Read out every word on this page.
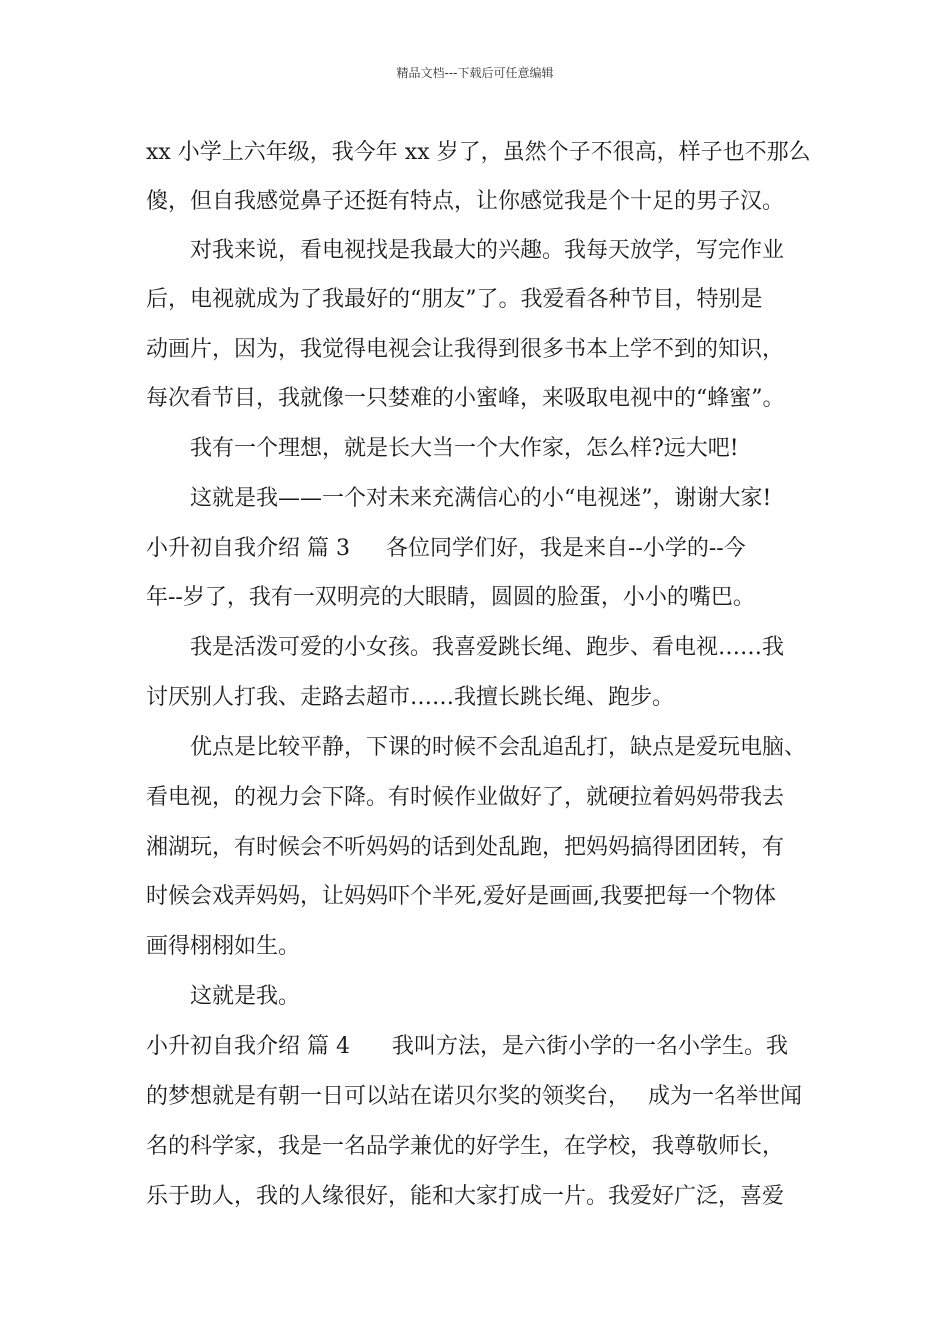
精品文档---下载后可任意编辑
xx 小学上六年级，我今年 xx 岁了，虽然个子不很高，样子也不那么
傻，但自我感觉鼻子还挺有特点，让你感觉我是个十足的男子汉。
对我来说，看电视找是我最大的兴趣。我每天放学，写完作业
后，电视就成为了我最好的“朋友”了。我爱看各种节目，特别是
动画片，因为，我觉得电视会让我得到很多书本上学不到的知识，
每次看节目，我就像一只婪难的小蜜峰，来吸取电视中的“蜂蜜”。
我有一个理想，就是长大当一个大作家，怎么样?远大吧!
这就是我——一个对未来充满信心的小“电视迷”，谢谢大家!
小升初自我介绍 篇 3 各位同学们好，我是来自--小学的--今
年--岁了，我有一双明亮的大眼睛，圆圆的脸蛋，小小的嘴巴。
我是活泼可爱的小女孩。我喜爱跳长绳、跑步、看电视……我
讨厌别人打我、走路去超市……我擅长跳长绳、跑步。
优点是比较平静，下课的时候不会乱追乱打，缺点是爱玩电脑、
看电视，的视力会下降。有时候作业做好了，就硬拉着妈妈带我去
湘湖玩，有时候会不听妈妈的话到处乱跑，把妈妈搞得团团转，有
时候会戏弄妈妈，让妈妈吓个半死,爱好是画画,我要把每一个物体
画得栩栩如生。
这就是我。
小升初自我介绍 篇 4 我叫方法，是六街小学的一名小学生。我
的梦想就是有朝一日可以站在诺贝尔奖的领奖台， 成为一名举世闻
名的科学家，我是一名品学兼优的好学生，在学校，我尊敬师长，
乐于助人，我的人缘很好，能和大家打成一片。我爱好广泛，喜爱
